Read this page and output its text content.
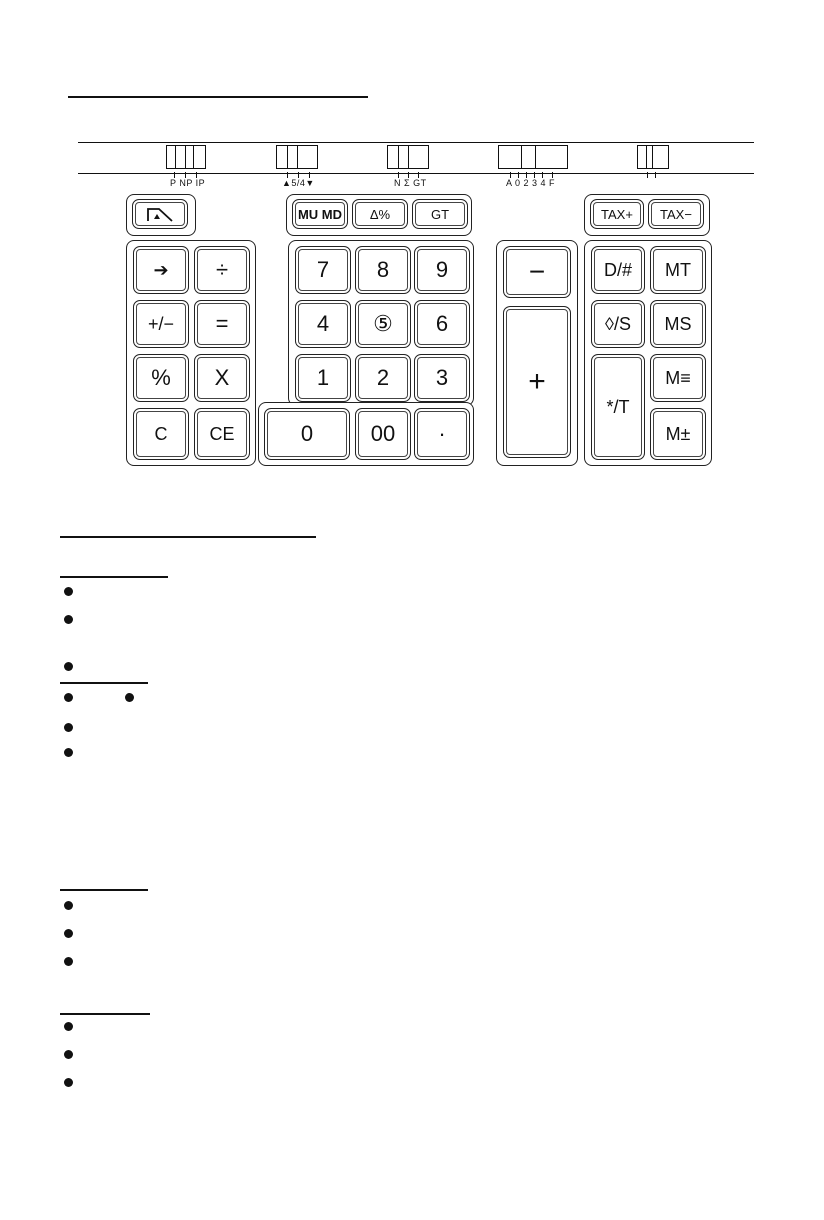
P NP IP	▲5/4▼	N Σ GT	A 0 2 3 4 F
MU MD Δ%	GT	TAX+ TAX−
➔ ÷
+/− =
% X
C CE
7 8 9
4 ⑤ 6
1 2 3
0	00 ·
−
+
D/# MT
◊/S MS
*/T
M≡
M±
